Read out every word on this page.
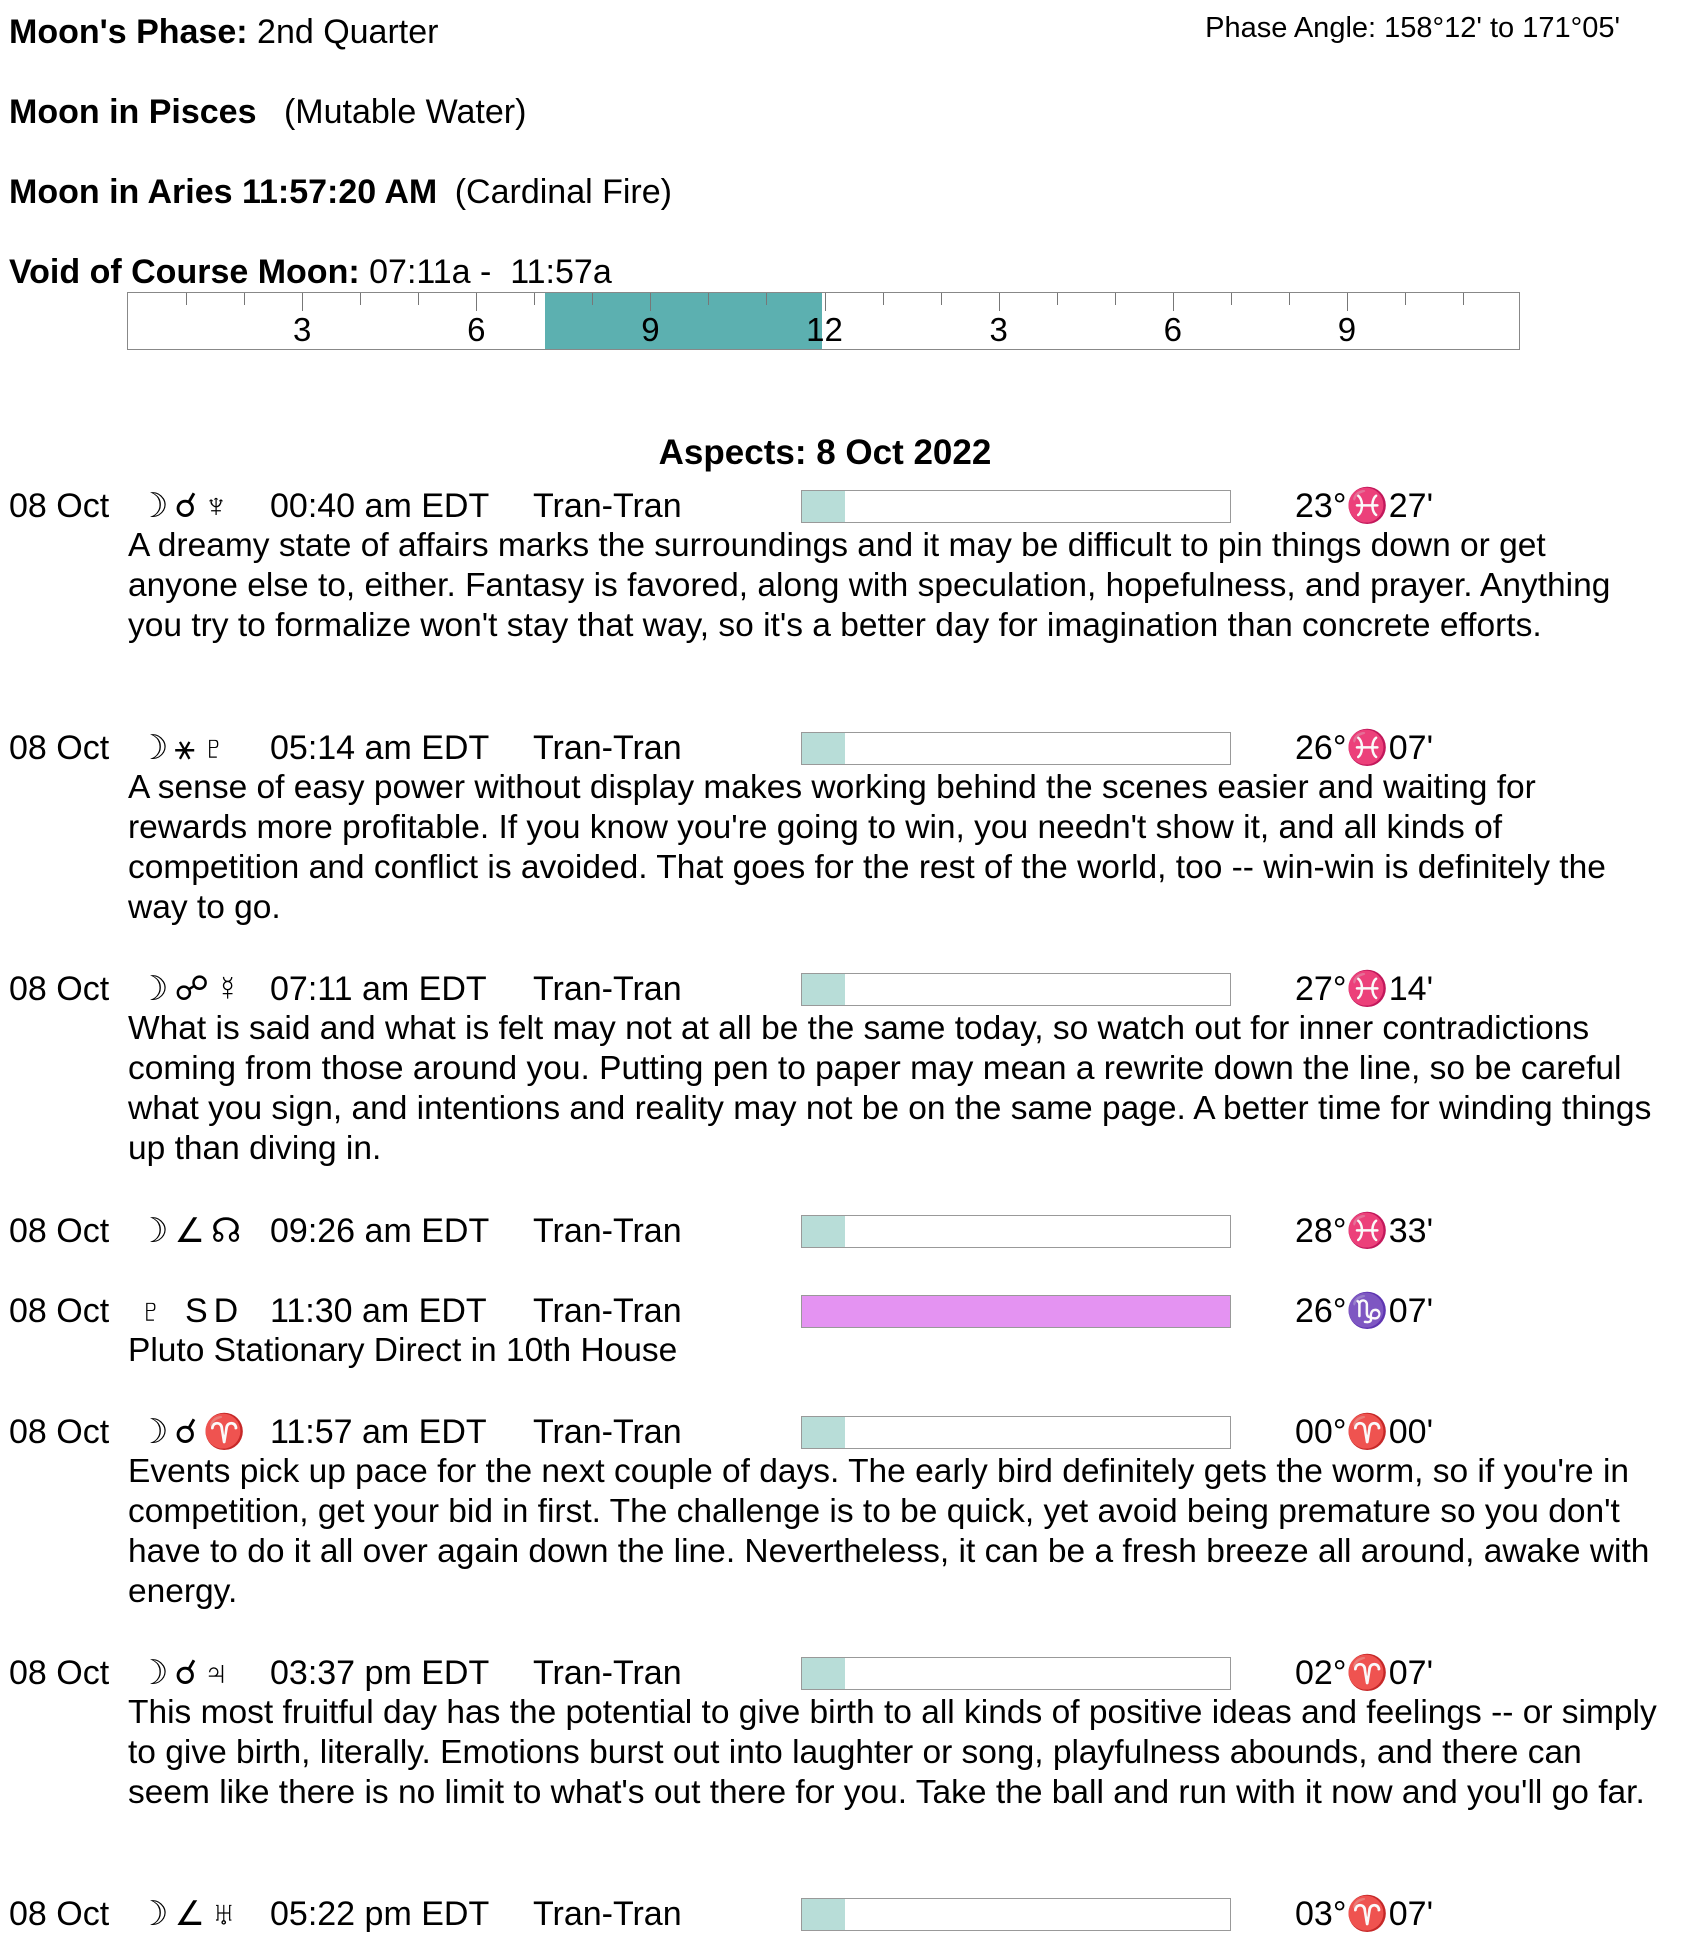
Moon's Phase: 2nd Quarter	Phase Angle: 158°12' to 171°05'
Moon in Pisces (Mutable Water)
Moon in Aries 11:57:20 AM (Cardinal Fire)
Void of Course Moon: 07:11a -  11:57a
3	6	9	12	3	6	9
Aspects: 8 Oct 2022
08 Oct ☽☌♆ 00:40 am EDT Tran-Tran	23°♓27'
A dreamy state of affairs marks the surroundings and it may be difficult to pin things down or get anyone else to, either. Fantasy is favored, along with speculation, hopefulness, and prayer. Anything you try to formalize won't stay that way, so it's a better day for imagination than concrete efforts.
08 Oct ☽⚹♇ 05:14 am EDT Tran-Tran	26°♓07'
A sense of easy power without display makes working behind the scenes easier and waiting for rewards more profitable. If you know you're going to win, you needn't show it, and all kinds of competition and conflict is avoided. That goes for the rest of the world, too -- win-win is definitely the way to go.
08 Oct ☽☍☿ 07:11 am EDT Tran-Tran	27°♓14'
What is said and what is felt may not at all be the same today, so watch out for inner contradictions coming from those around you. Putting pen to paper may mean a rewrite down the line, so be careful what you sign, and intentions and reality may not be on the same page. A better time for winding things up than diving in.
08 Oct ☽∠☊ 09:26 am EDT Tran-Tran	28°♓33'
08 Oct ♇ SD 11:30 am EDT Tran-Tran	26°♑07'
Pluto Stationary Direct in 10th House
08 Oct ☽☌♈ 11:57 am EDT Tran-Tran	00°♈00'
Events pick up pace for the next couple of days. The early bird definitely gets the worm, so if you're in competition, get your bid in first. The challenge is to be quick, yet avoid being premature so you don't have to do it all over again down the line. Nevertheless, it can be a fresh breeze all around, awake with energy.
08 Oct ☽☌♃ 03:37 pm EDT Tran-Tran	02°♈07'
This most fruitful day has the potential to give birth to all kinds of positive ideas and feelings -- or simply to give birth, literally. Emotions burst out into laughter or song, playfulness abounds, and there can seem like there is no limit to what's out there for you. Take the ball and run with it now and you'll go far.
08 Oct ☽∠♅ 05:22 pm EDT Tran-Tran	03°♈07'
